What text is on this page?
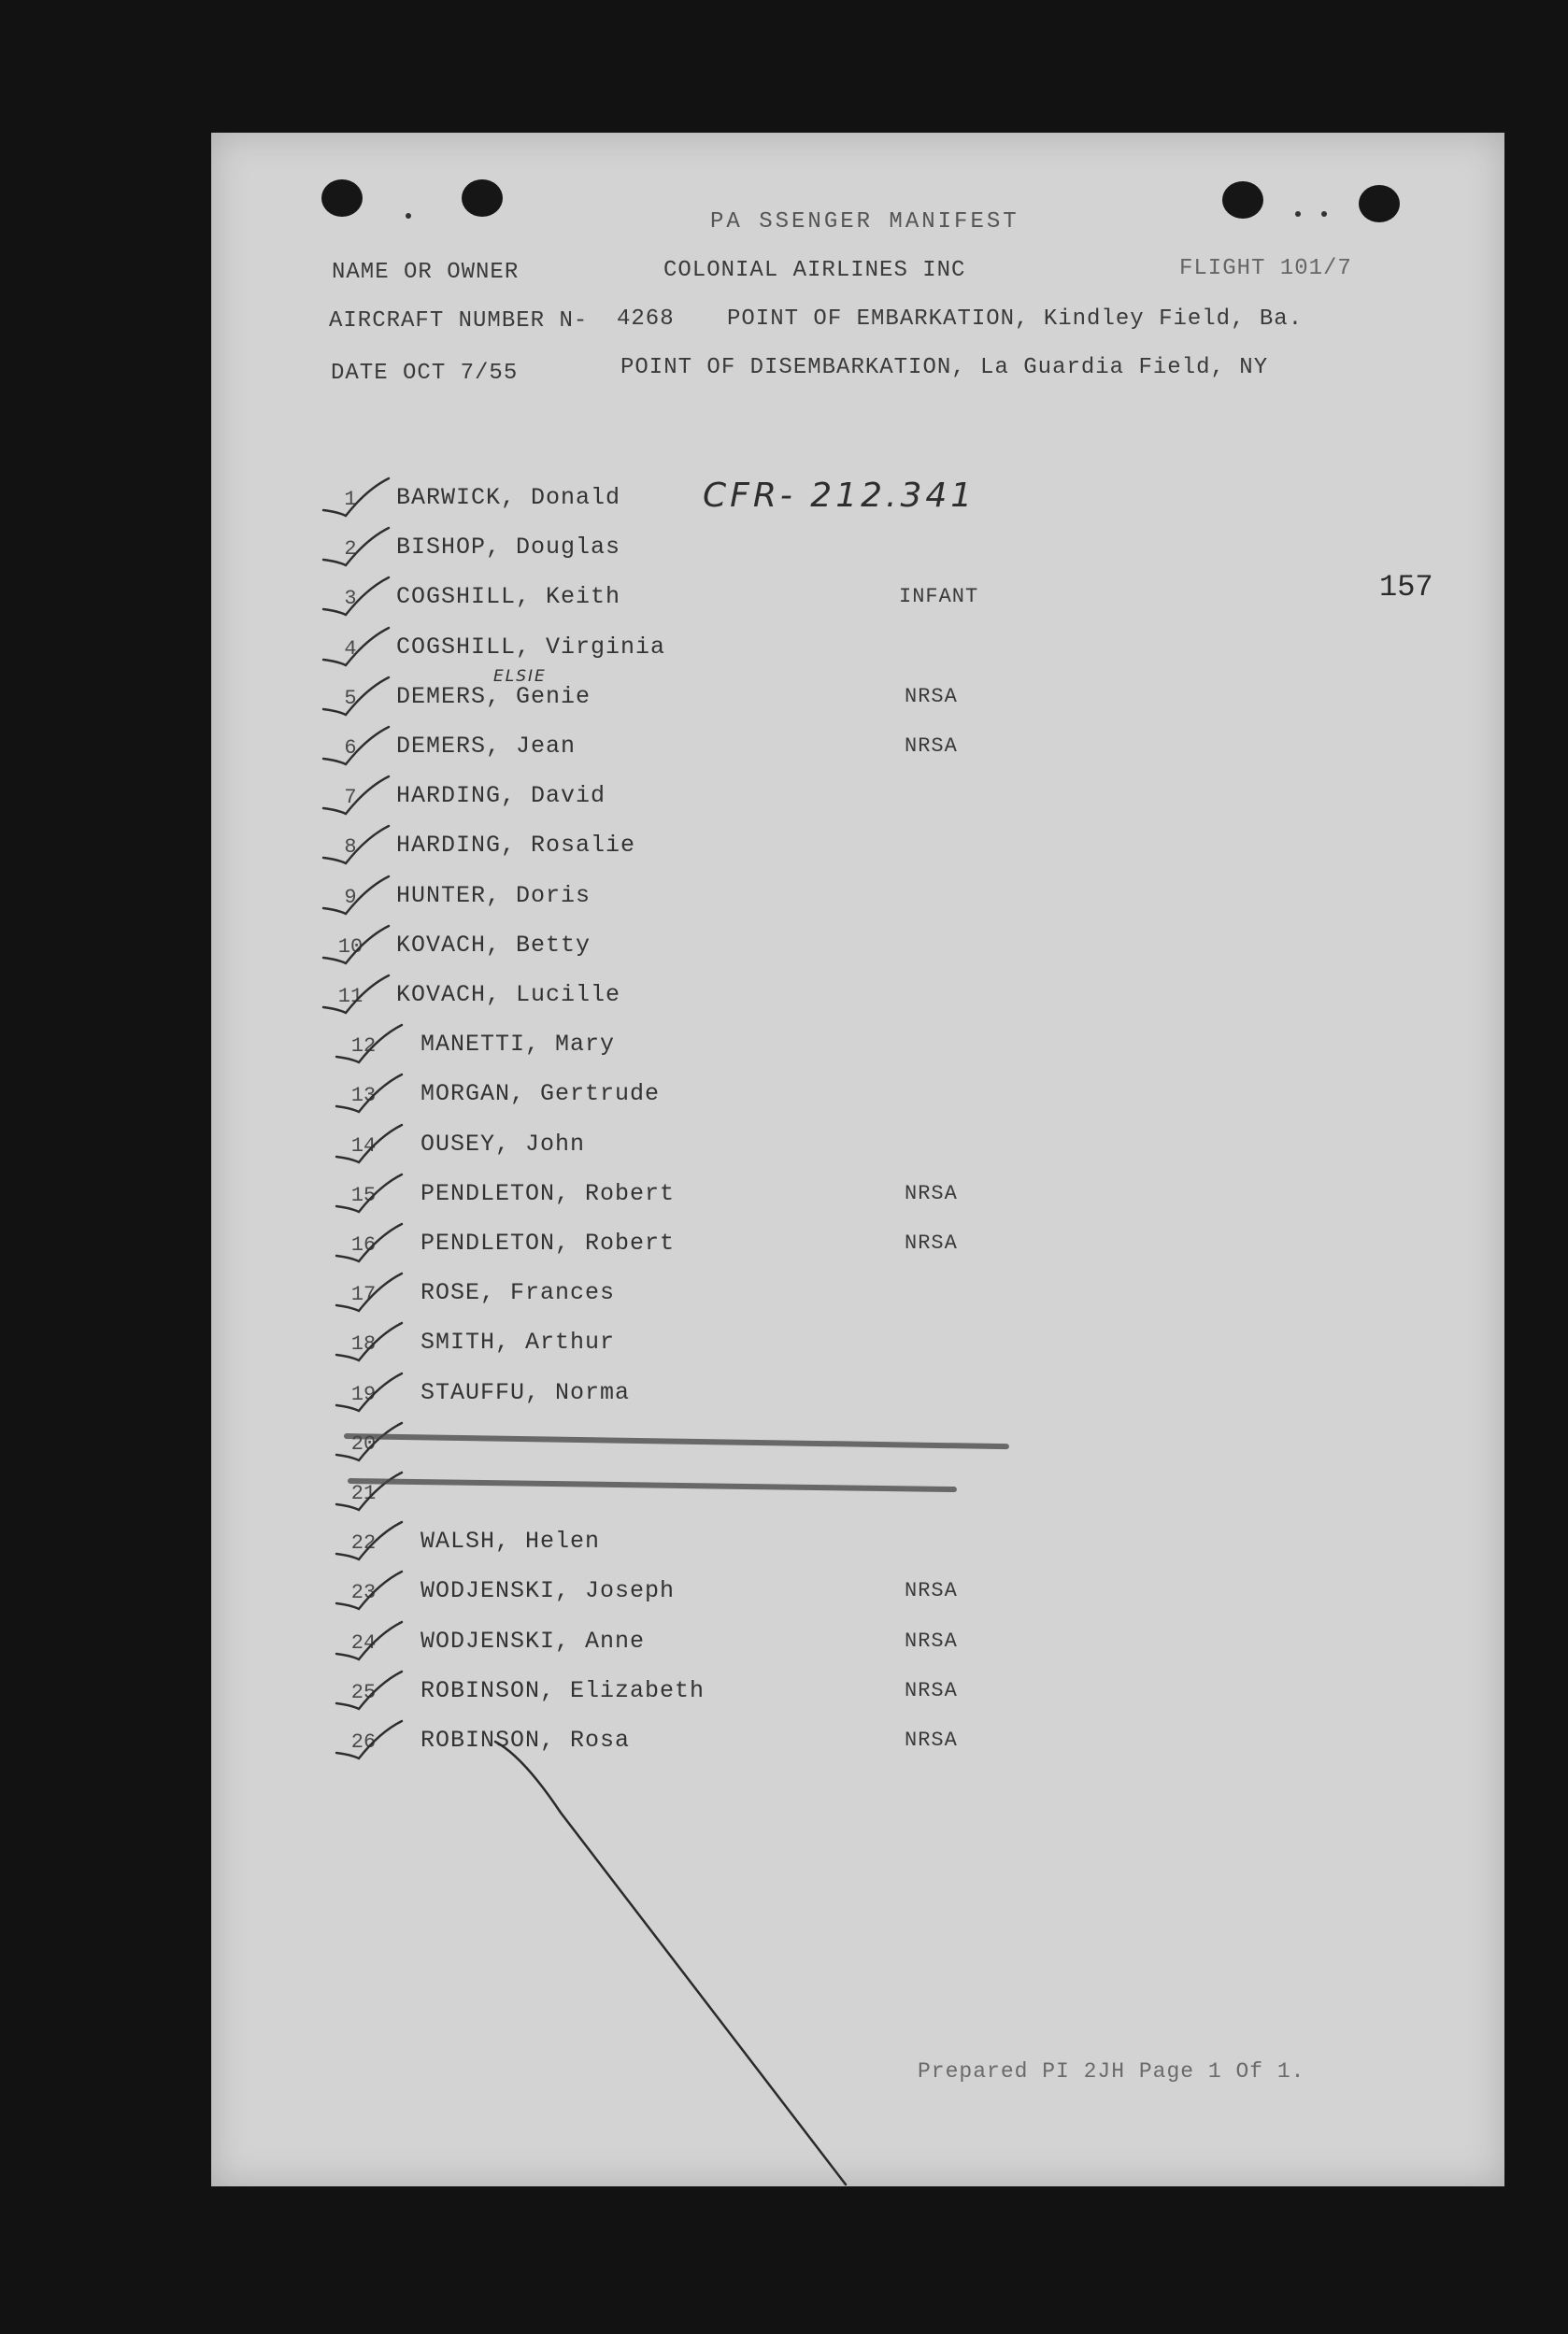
PA SSENGER MANIFEST
NAME OR OWNER	COLONIAL AIRLINES INC	FLIGHT 101/7
AIRCRAFT NUMBER N- 4268 POINT OF EMBARKATION, Kindley Field, Ba.
DATE OCT 7/55	POINT OF DISEMBARKATION, La Guardia Field, NY
CFR- 212.341
157
ELSIE
1	BARWICK, Donald
2	BISHOP, Douglas
3	COGSHILL, Keith	INFANT
4	COGSHILL, Virginia
5	DEMERS, Genie	NRSA
6	DEMERS, Jean	NRSA
7	HARDING, David
8	HARDING, Rosalie
9	HUNTER, Doris
10 KOVACH, Betty
11 KOVACH, Lucille
12 MANETTI, Mary
13 MORGAN, Gertrude
14 OUSEY, John
15 PENDLETON, Robert	NRSA
16 PENDLETON, Robert	NRSA
17 ROSE, Frances
18 SMITH, Arthur
19 STAUFFU, Norma
20
21
22 WALSH, Helen
23 WODJENSKI, Joseph	NRSA
24 WODJENSKI, Anne	NRSA
25 ROBINSON, Elizabeth	NRSA
26 ROBINSON, Rosa	NRSA
Prepared PI 2JH Page 1 Of 1.
